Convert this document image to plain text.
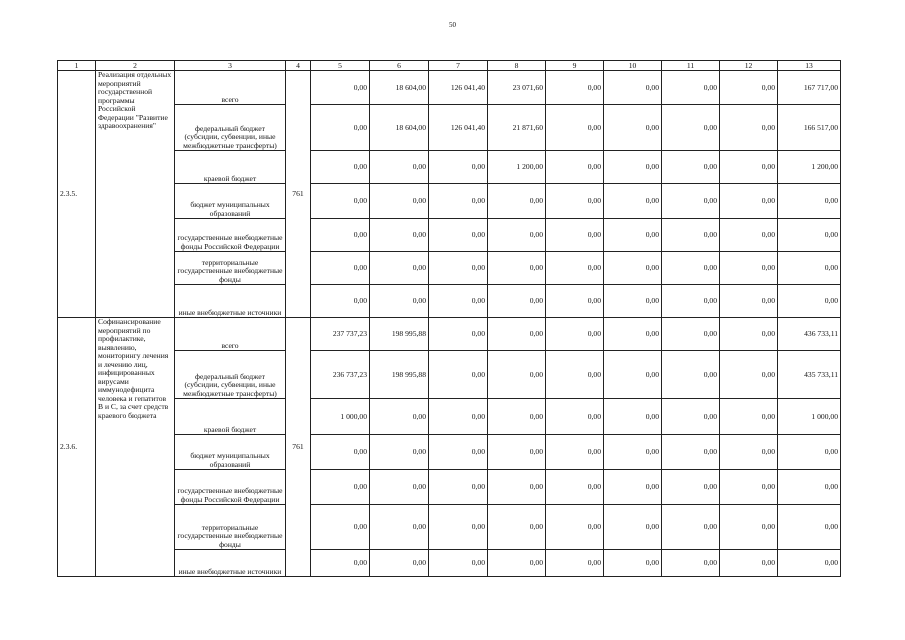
50
1	2	3	4	5	6	7	8	9	10	11	12	13
2.3.5.	Реализация отдельных мероприятий государственной программы Российской Федерации "Развитие здравоохранения"	всего	761	0,00	18 604,00	126 041,40	23 071,60	0,00	0,00	0,00	0,00	167 717,00
		федеральный бюджет (субсидии, субвенции, иные межбюджетные трансферты)		0,00	18 604,00	126 041,40	21 871,60	0,00	0,00	0,00	0,00	166 517,00
		краевой бюджет		0,00	0,00	0,00	1 200,00	0,00	0,00	0,00	0,00	1 200,00
		бюджет муниципальных образований		0,00	0,00	0,00	0,00	0,00	0,00	0,00	0,00	0,00
		государственные внебюджетные фонды Российской Федерации		0,00	0,00	0,00	0,00	0,00	0,00	0,00	0,00	0,00
		территориальные государственные внебюджетные фонды		0,00	0,00	0,00	0,00	0,00	0,00	0,00	0,00	0,00
		иные внебюджетные источники		0,00	0,00	0,00	0,00	0,00	0,00	0,00	0,00	0,00
2.3.6.	Софинансирование мероприятий по профилактике, выявлению, мониторингу лечения и лечению лиц, инфицированных вирусами иммунодефицита человека и гепатитов B и C, за счет средств краевого бюджета	всего	761	237 737,23	198 995,88	0,00	0,00	0,00	0,00	0,00	0,00	436 733,11
		федеральный бюджет (субсидии, субвенции, иные межбюджетные трансферты)		236 737,23	198 995,88	0,00	0,00	0,00	0,00	0,00	0,00	435 733,11
		краевой бюджет		1 000,00	0,00	0,00	0,00	0,00	0,00	0,00	0,00	1 000,00
		бюджет муниципальных образований		0,00	0,00	0,00	0,00	0,00	0,00	0,00	0,00	0,00
		государственные внебюджетные фонды Российской Федерации		0,00	0,00	0,00	0,00	0,00	0,00	0,00	0,00	0,00
		территориальные государственные внебюджетные фонды		0,00	0,00	0,00	0,00	0,00	0,00	0,00	0,00	0,00
		иные внебюджетные источники		0,00	0,00	0,00	0,00	0,00	0,00	0,00	0,00	0,00
